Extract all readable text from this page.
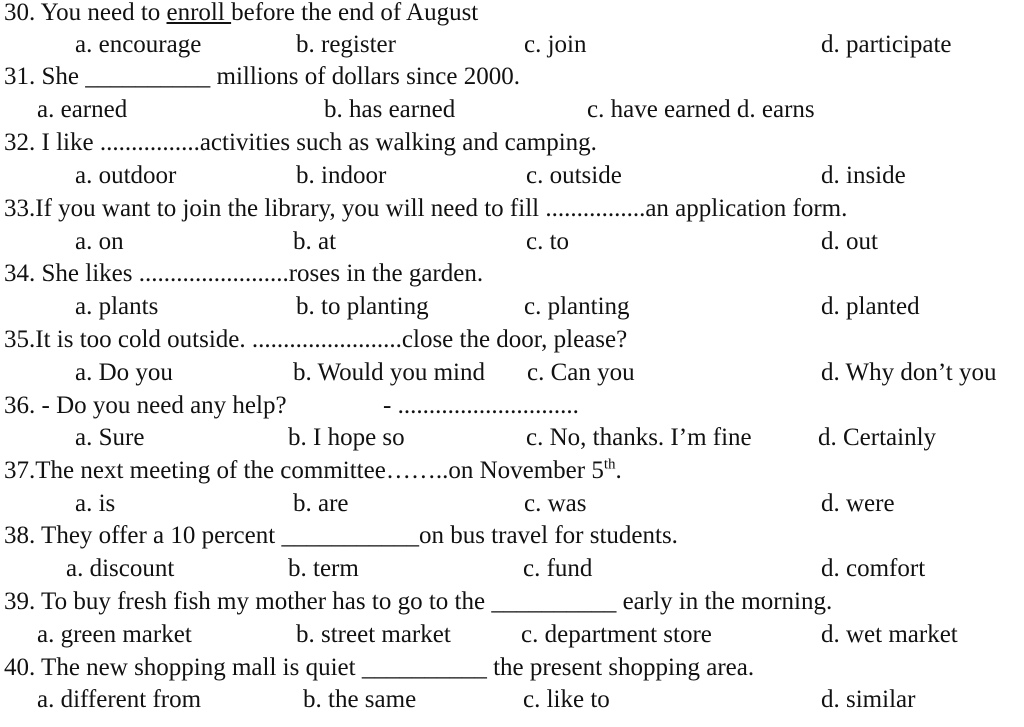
30. You need to enroll before the end of August
a. encourage	b. register	c. join	d. participate
31. She __________ millions of dollars since 2000.
a. earned	b. has earned	c. have earned d. earns
32. I like ................activities such as walking and camping.
a. outdoor	b. indoor	c. outside	d. inside
33.If you want to join the library, you will need to fill ................an application form.
a. on	b. at	c. to	d. out
34. She likes ........................roses in the garden.
a. plants	b. to planting	c. planting	d. planted
35.It is too cold outside. ........................close the door, please?
a. Do you	b. Would you mind c. Can you	d. Why don’t you
36. - Do you need any help?	- .............................
a. Sure	b. I hope so	c. No, thanks. I’m fine	d. Certainly
37.The next meeting of the committee……..on November 5th.
a. is	b. are	c. was	d. were
38. They offer a 10 percent ___________on bus travel for students.
a. discount	b. term	c. fund	d. comfort
39. To buy fresh fish my mother has to go to the __________ early in the morning.
a. green market	b. street market	c. department store	d. wet market
40. The new shopping mall is quiet __________ the present shopping area.
a. different from	b. the same	c. like to	d. similar
